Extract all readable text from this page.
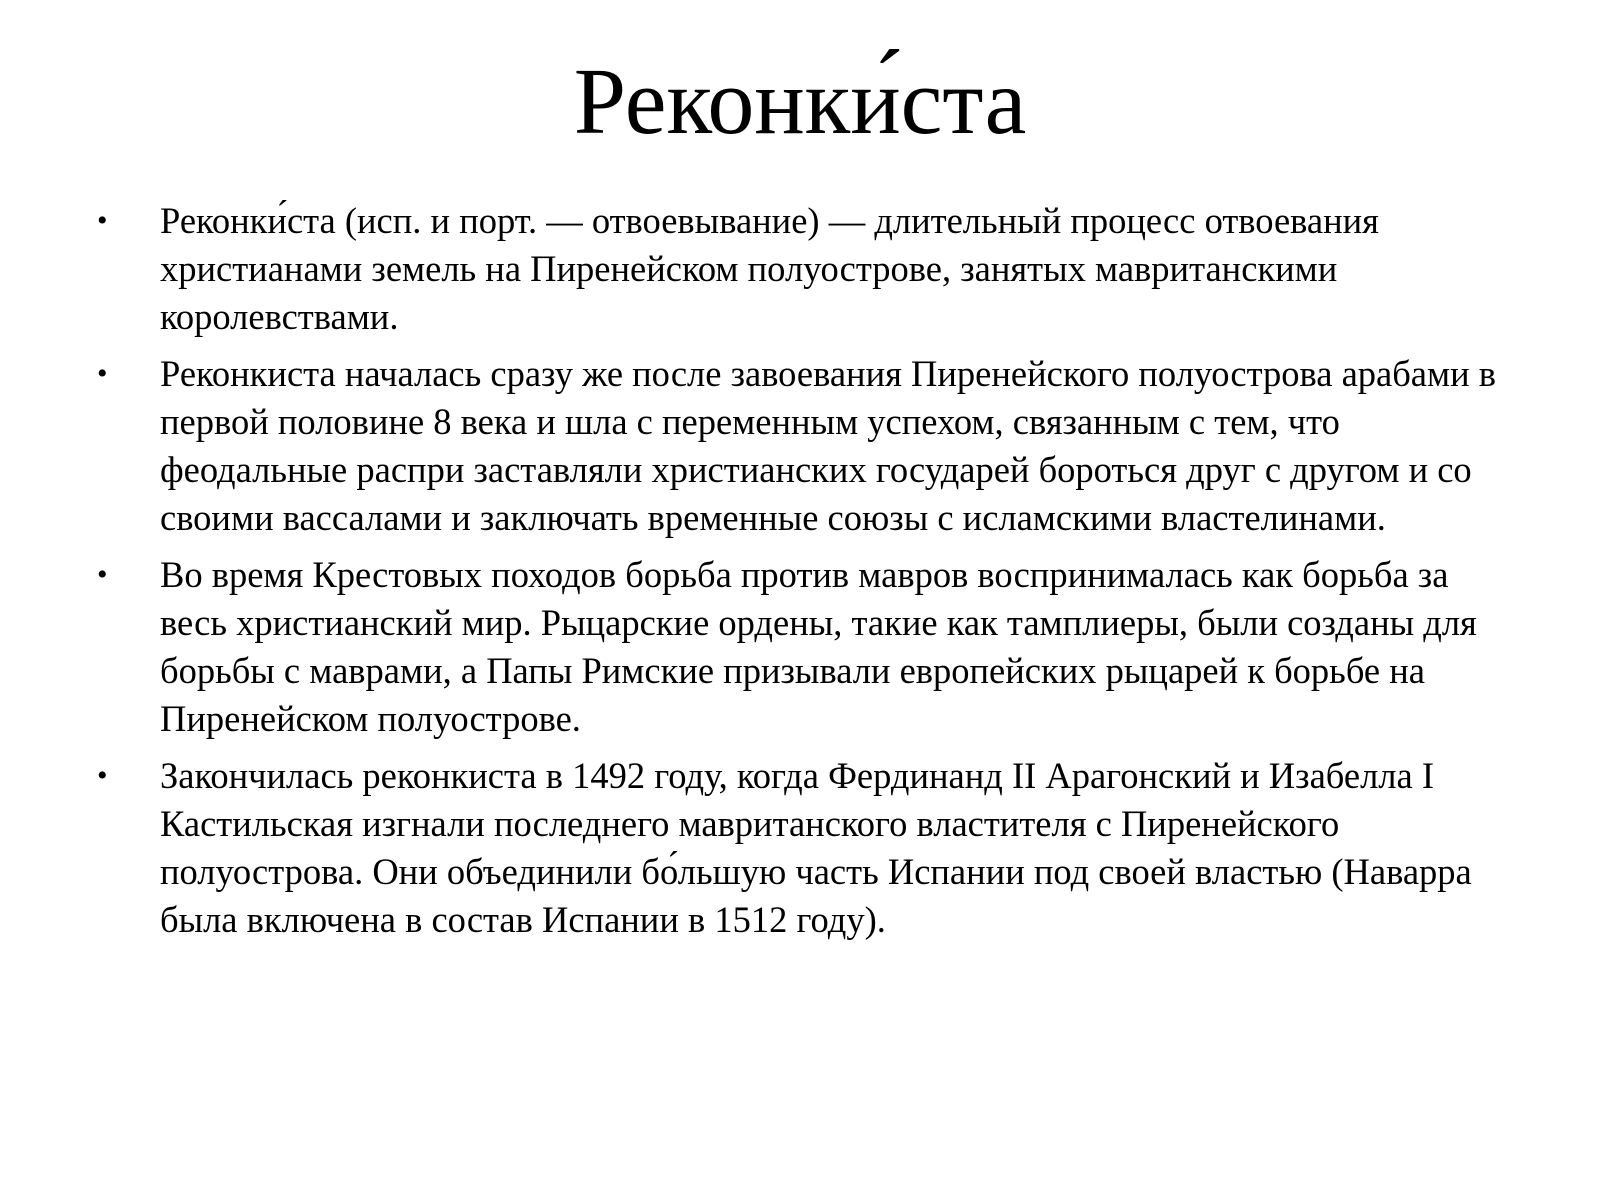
Реконки́ста
• Реконки́ста (исп. и порт. — отвоевывание) — длительный процесс отвоевания христианами земель на Пиренейском полуострове, занятых мавританскими королевствами.
• Реконкиста началась сразу же после завоевания Пиренейского полуострова арабами в первой половине 8 века и шла с переменным успехом, связанным с тем, что феодальные распри заставляли христианских государей бороться друг с другом и со своими вассалами и заключать временные союзы с исламскими властелинами.
• Во время Крестовых походов борьба против мавров воспринималась как борьба за весь христианский мир. Рыцарские ордены, такие как тамплиеры, были созданы для борьбы с маврами, а Папы Римские призывали европейских рыцарей к борьбе на Пиренейском полуострове.
• Закончилась реконкиста в 1492 году, когда Фердинанд II Арагонский и Изабелла I Кастильская изгнали последнего мавританского властителя с Пиренейского полуострова. Они объединили бо́льшую часть Испании под своей властью (Наварра была включена в состав Испании в 1512 году).
